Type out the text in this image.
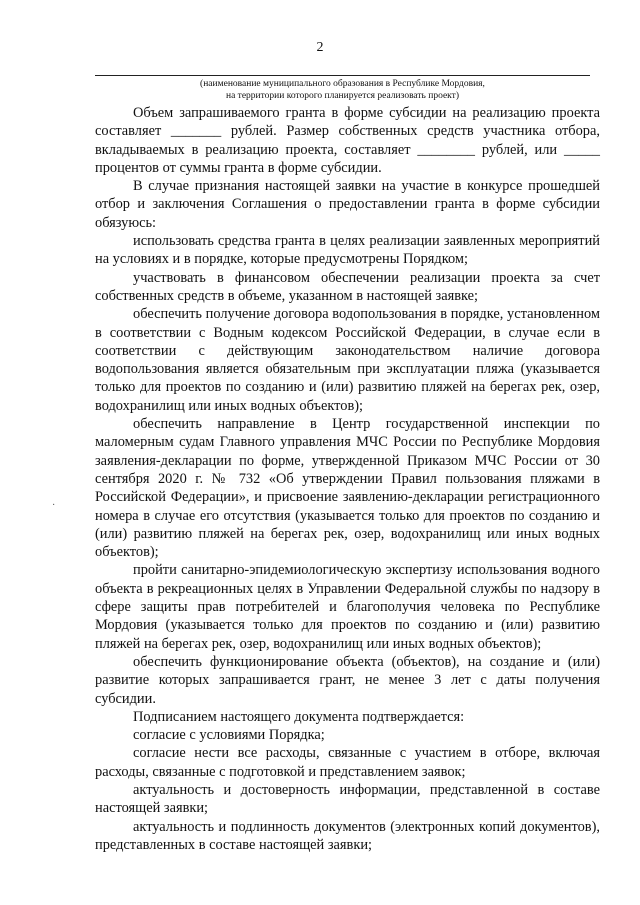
2
(наименование муниципального образования в Республике Мордовия,
на территории которого планируется реализовать проект)

Объем запрашиваемого гранта в форме субсидии на реализацию проекта составляет _______ рублей. Размер собственных средств участника отбора, вкладываемых в реализацию проекта, составляет ________ рублей, или _____ процентов от суммы гранта в форме субсидии.

В случае признания настоящей заявки на участие в конкурсе прошедшей отбор и заключения Соглашения о предоставлении гранта в форме субсидии обязуюсь:

использовать средства гранта в целях реализации заявленных мероприятий на условиях и в порядке, которые предусмотрены Порядком;

участвовать в финансовом обеспечении реализации проекта за счет собственных средств в объеме, указанном в настоящей заявке;

обеспечить получение договора водопользования в порядке, установленном в соответствии с Водным кодексом Российской Федерации, в случае если в соответствии с действующим законодательством наличие договора водопользования является обязательным при эксплуатации пляжа (указывается только для проектов по созданию и (или) развитию пляжей на берегах рек, озер, водохранилищ или иных водных объектов);

обеспечить направление в Центр государственной инспекции по маломерным судам Главного управления МЧС России по Республике Мордовия заявления-декларации по форме, утвержденной Приказом МЧС России от 30 сентября 2020 г. № 732 «Об утверждении Правил пользования пляжами в Российской Федерации», и присвоение заявлению-декларации регистрационного номера в случае его отсутствия (указывается только для проектов по созданию и (или) развитию пляжей на берегах рек, озер, водохранилищ или иных водных объектов);

пройти санитарно-эпидемиологическую экспертизу использования водного объекта в рекреационных целях в Управлении Федеральной службы по надзору в сфере защиты прав потребителей и благополучия человека по Республике Мордовия (указывается только для проектов по созданию и (или) развитию пляжей на берегах рек, озер, водохранилищ или иных водных объектов);

обеспечить функционирование объекта (объектов), на создание и (или) развитие которых запрашивается грант, не менее 3 лет с даты получения субсидии.

Подписанием настоящего документа подтверждается:

согласие с условиями Порядка;

согласие нести все расходы, связанные с участием в отборе, включая расходы, связанные с подготовкой и представлением заявок;

актуальность и достоверность информации, представленной в составе настоящей заявки;

актуальность и подлинность документов (электронных копий документов), представленных в составе настоящей заявки;

·
